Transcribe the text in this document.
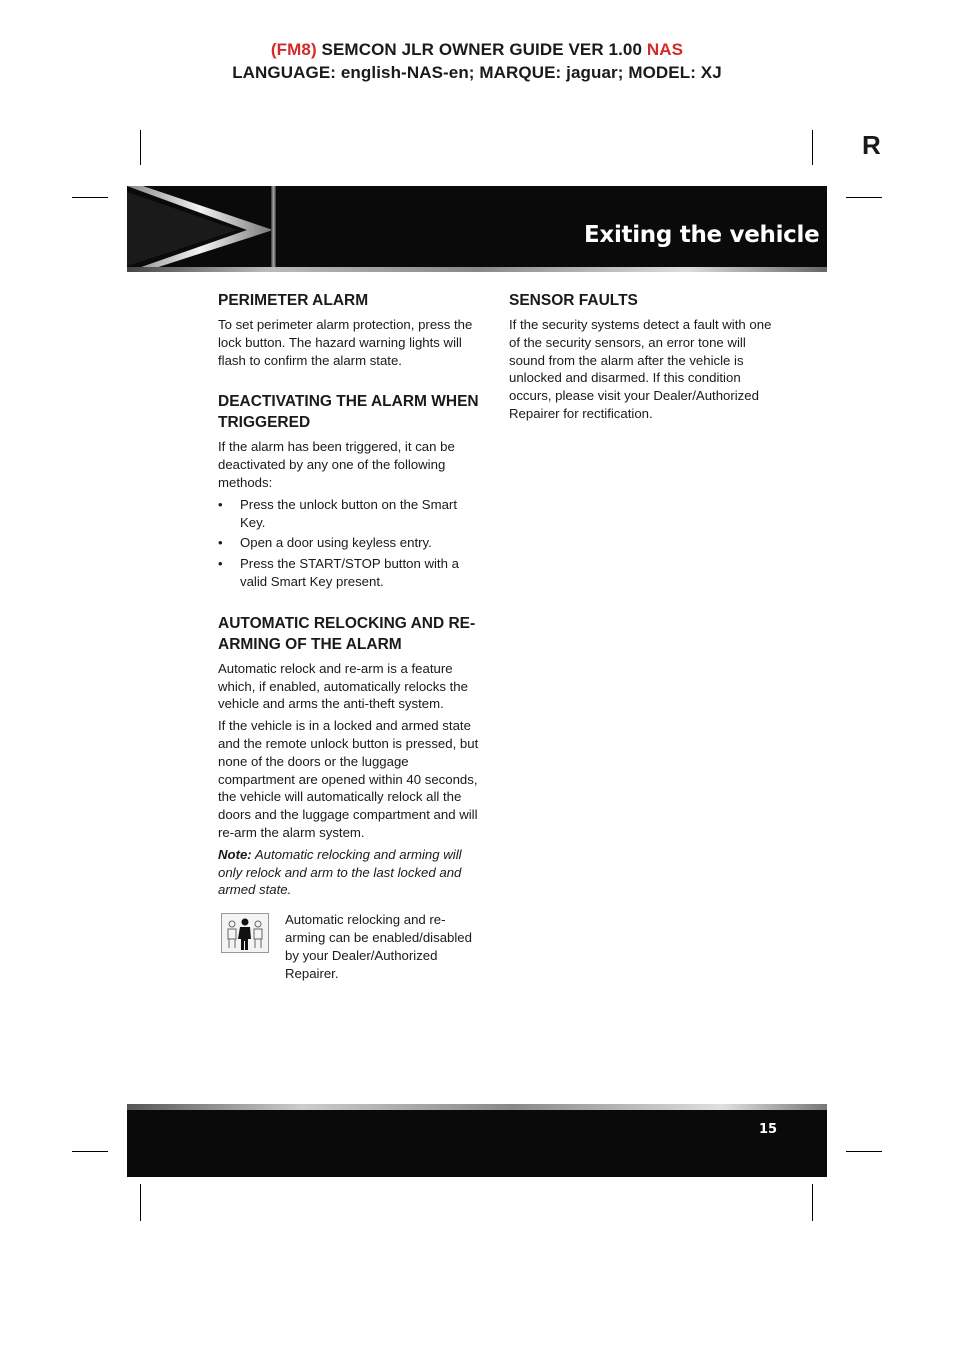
(FM8) SEMCON JLR OWNER GUIDE VER 1.00 NAS
LANGUAGE: english-NAS-en; MARQUE: jaguar; MODEL: XJ
R
Exiting the vehicle
PERIMETER ALARM

To set perimeter alarm protection, press the lock button. The hazard warning lights will flash to confirm the alarm state.

DEACTIVATING THE ALARM WHEN TRIGGERED

If the alarm has been triggered, it can be deactivated by any one of the following methods:

• Press the unlock button on the Smart Key.
• Open a door using keyless entry.
• Press the START/STOP button with a valid Smart Key present.
AUTOMATIC RELOCKING AND RE-ARMING OF THE ALARM

Automatic relock and re-arm is a feature which, if enabled, automatically relocks the vehicle and arms the anti-theft system.

If the vehicle is in a locked and armed state and the remote unlock button is pressed, but none of the doors or the luggage compartment are opened within 40 seconds, the vehicle will automatically relock all the doors and the luggage compartment and will re-arm the alarm system.

Note: Automatic relocking and arming will only relock and arm to the last locked and armed state.

Automatic relocking and re-arming can be enabled/disabled by your Dealer/Authorized Repairer.
SENSOR FAULTS

If the security systems detect a fault with one of the security sensors, an error tone will sound from the alarm after the vehicle is unlocked and disarmed. If this condition occurs, please visit your Dealer/Authorized Repairer for rectification.

15
